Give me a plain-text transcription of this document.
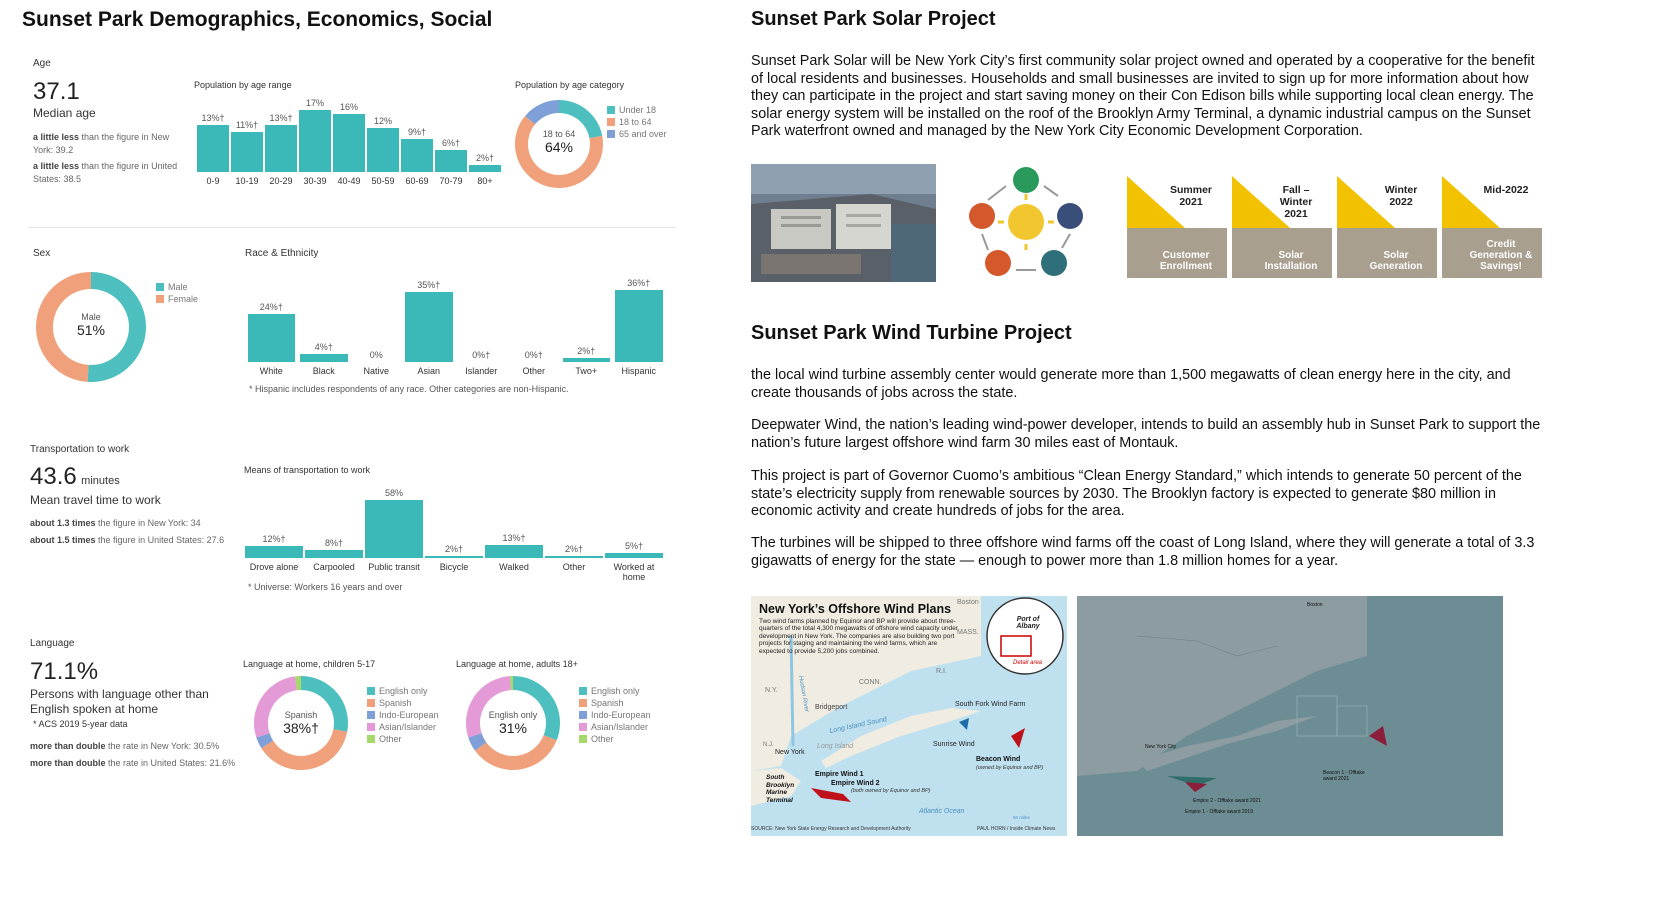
Sunset Park Demographics, Economics, Social
Age
37.1
Median age
a little less than the figure in New York: 39.2
a little less than the figure in United States: 38.5
Population by age range
13%†
0-9
11%†
10-19
13%†
20-29
17%
30-39
16%
40-49
12%
50-59
9%†
60-69
6%†
70-79
2%†
80+
Population by age category
18 to 64
64%
Under 18
18 to 64
65 and over
Sex
Male
51%
Male
Female
Race & Ethnicity
24%†
White
4%†
Black
0%
Native
35%†
Asian
0%†
Islander
0%†
Other
2%†
Two+
36%†
Hispanic
* Hispanic includes respondents of any race. Other categories are non-Hispanic.
Transportation to work
43.6 minutes
Mean travel time to work
about 1.3 times the figure in New York: 34
about 1.5 times the figure in United States: 27.6
Means of transportation to work
12%†
Drove alone
8%†
Carpooled
58%
Public transit
2%†
Bicycle
13%†
Walked
2%†
Other
5%†
Worked at home
* Universe: Workers 16 years and over
Language
71.1%
Persons with language other than
English spoken at home
* ACS 2019 5-year data
more than double the rate in New York: 30.5%
more than double the rate in United States: 21.6%
Language at home, children 5-17
Spanish
38%†
English only
Spanish
Indo-European
Asian/Islander
Other
Language at home, adults 18+
English only
31%
English only
Spanish
Indo-European
Asian/Islander
Other
Sunset Park Solar Project
Sunset Park Solar will be New York City’s first community solar project owned and operated by a cooperative for the benefit of local residents and businesses. Households and small businesses are invited to sign up for more information about how they can participate in the project and start saving money on their Con Edison bills while supporting local clean energy. The solar energy system will be installed on the roof of the Brooklyn Army Terminal, a dynamic industrial campus on the Sunset Park waterfront owned and managed by the New York City Economic Development Corporation.
Summer 2021
Customer Enrollment
Fall – Winter 2021
Solar Installation
Winter 2022
Solar Generation
Mid-2022
Credit Generation & Savings!
Sunset Park Wind Turbine Project
the local wind turbine assembly center would generate more than 1,500 megawatts of clean energy here in the city, and create thousands of jobs across the state.
Deepwater Wind, the nation’s leading wind-power developer, intends to build an assembly hub in Sunset Park to support the nation’s future largest offshore wind farm 30 miles east of Montauk.
This project is part of Governor Cuomo’s ambitious “Clean Energy Standard,” which intends to generate 50 percent of the state’s electricity supply from renewable sources by 2030. The Brooklyn factory is expected to generate $80 million in economic activity and create hundreds of jobs for the area.
The turbines will be shipped to three offshore wind farms off the coast of Long Island, where they will generate a total of 3.3 gigawatts of energy for the state — enough to power more than 1.8 million homes for a year.
New York’s Offshore Wind Plans
Two wind farms planned by Equinor and BP will provide about three-quarters of the total 4,300 megawatts of offshore wind capacity under development in New York. The companies are also building two port projects for staging and maintaining the wind farms, which are expected to provide 5,200 jobs combined.
Port of Albany
Detail area
Boston
MASS.
R.I.
CONN.
N.Y.	Hudson River Bridgeport
Long Island Sound
Long Island
South Fork Wind Farm
Sunrise Wind
Beacon Wind
(owned by Equinor and BP)
N.J.
New York
Empire Wind 1
Empire Wind 2
(both owned by Equinor and BP)
South Brooklyn Marine Terminal
Atlantic Ocean
50 miles
SOURCE: New York State Energy Research and Development Authority	PAUL HORN / Inside Climate News
Boston
New York City
Beacon 1 - Offtake award 2021
Empire 2 - Offtake award 2021
Empire 1 - Offtake award 2019
